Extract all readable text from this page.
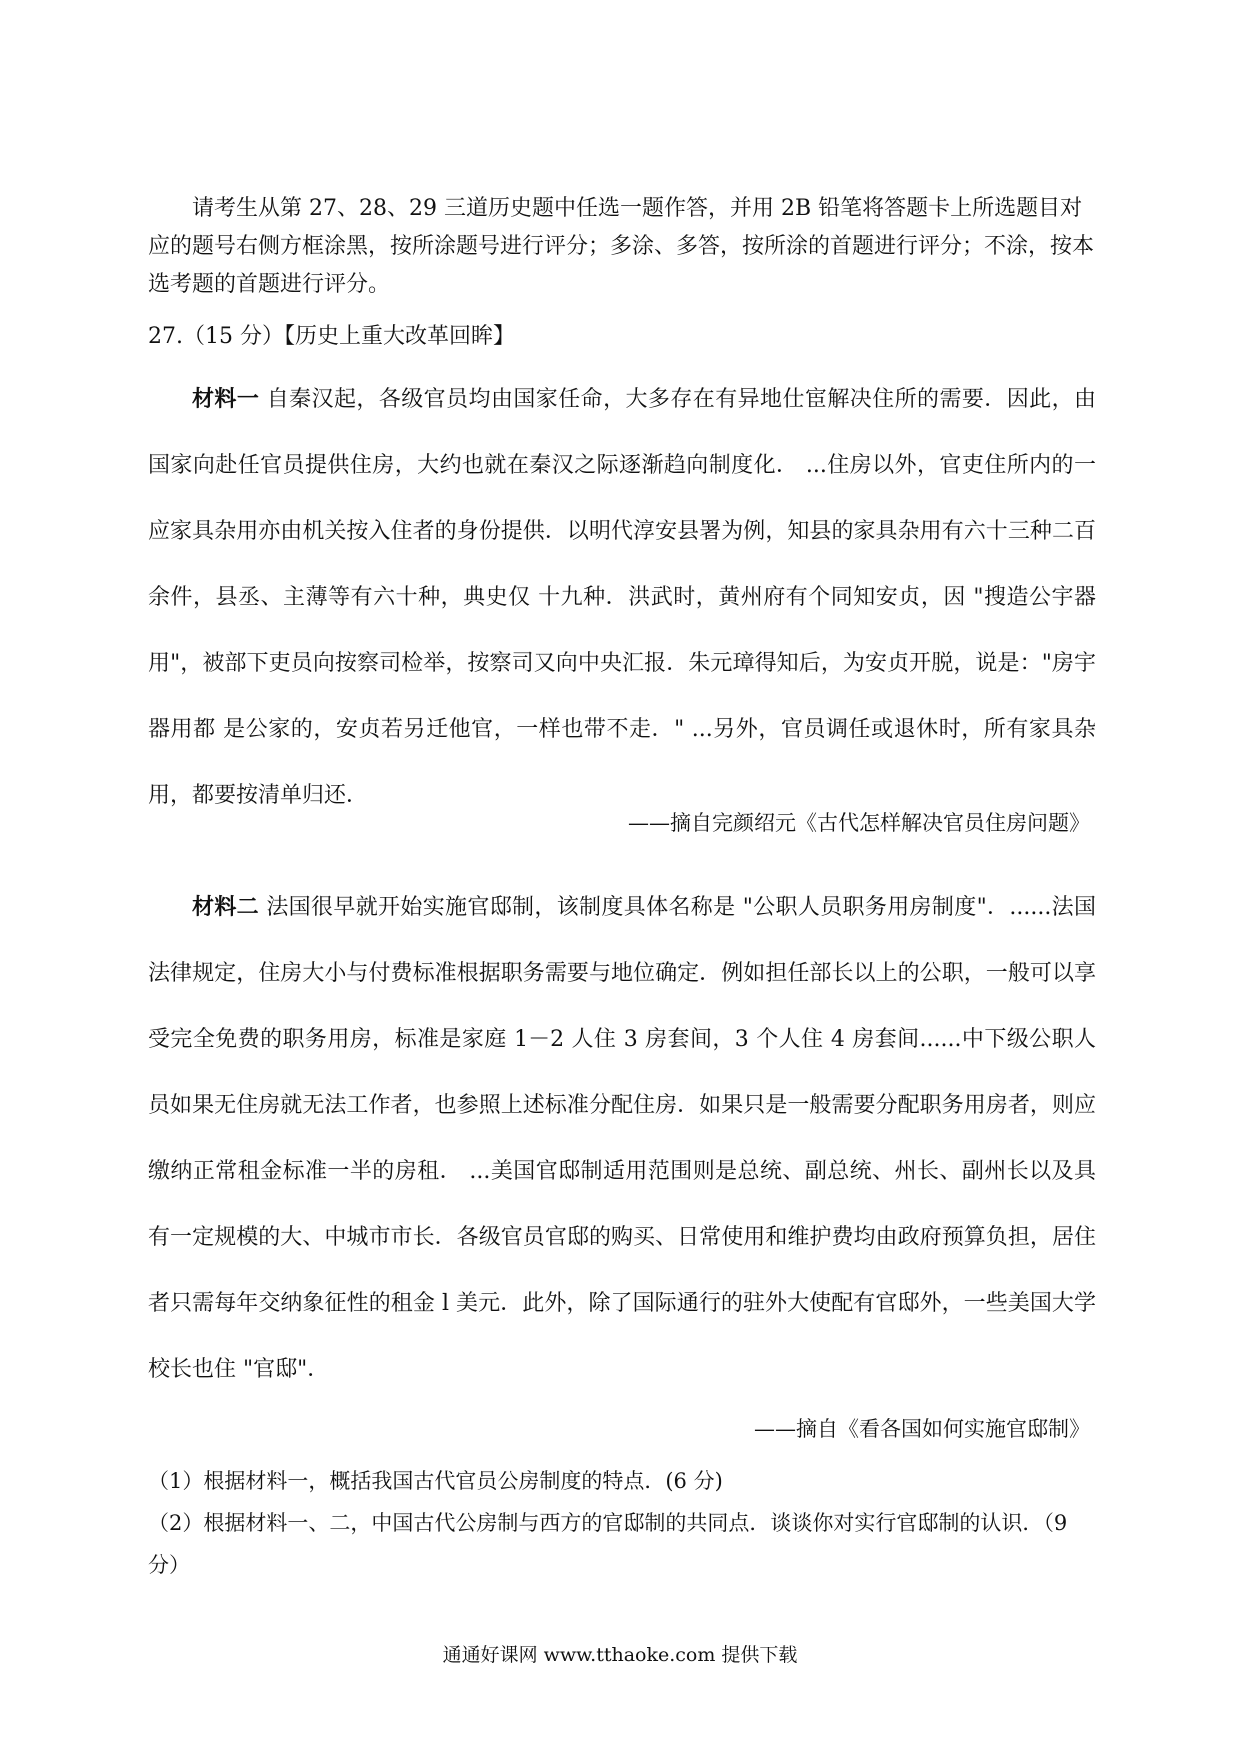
请考生从第 27、28、29 三道历史题中任选一题作答，并用 2B 铅笔将答题卡上所选题目对应的题号右侧方框涂黑，按所涂题号进行评分；多涂、多答，按所涂的首题进行评分；不涂，按本选考题的首题进行评分。

27.（15 分）【历史上重大改革回眸】

材料一 自秦汉起，各级官员均由国家任命，大多存在有异地仕宦解决住所的需要．因此，由国家向赴任官员提供住房，大约也就在秦汉之际逐渐趋向制度化． ...住房以外，官吏住所内的一应家具杂用亦由机关按入住者的身份提供．以明代淳安县署为例，知县的家具杂用有六十三种二百余件，县丞、主薄等有六十种，典史仅 十九种．洪武时，黄州府有个同知安贞，因 "搜造公宇器用"，被部下吏员向按察司检举，按察司又向中央汇报．朱元璋得知后，为安贞开脱，说是："房宇器用都 是公家的，安贞若另迁他官，一样也带不走．" ...另外，官员调任或退休时，所有家具杂用，都要按清单归还．

——摘自完颜绍元《古代怎样解决官员住房问题》

材料二 法国很早就开始实施官邸制，该制度具体名称是 "公职人员职务用房制度"．......法国法律规定，住房大小与付费标准根据职务需要与地位确定．例如担任部长以上的公职，一般可以享受完全免费的职务用房，标准是家庭 1－2 人住 3 房套间，3 个人住 4 房套间......中下级公职人员如果无住房就无法工作者，也参照上述标准分配住房．如果只是一般需要分配职务用房者，则应缴纳正常租金标准一半的房租． ...美国官邸制适用范围则是总统、副总统、州长、副州长以及具有一定规模的大、中城市市长．各级官员官邸的购买、日常使用和维护费均由政府预算负担，居住者只需每年交纳象征性的租金 l 美元．此外，除了国际通行的驻外大使配有官邸外，一些美国大学校长也住 "官邸"．

——摘自《看各国如何实施官邸制》

（1）根据材料一，概括我国古代官员公房制度的特点．(6 分)

（2）根据材料一、二，中国古代公房制与西方的官邸制的共同点．谈谈你对实行官邸制的认识．（9 分）

通通好课网 www.tthaoke.com 提供下载
